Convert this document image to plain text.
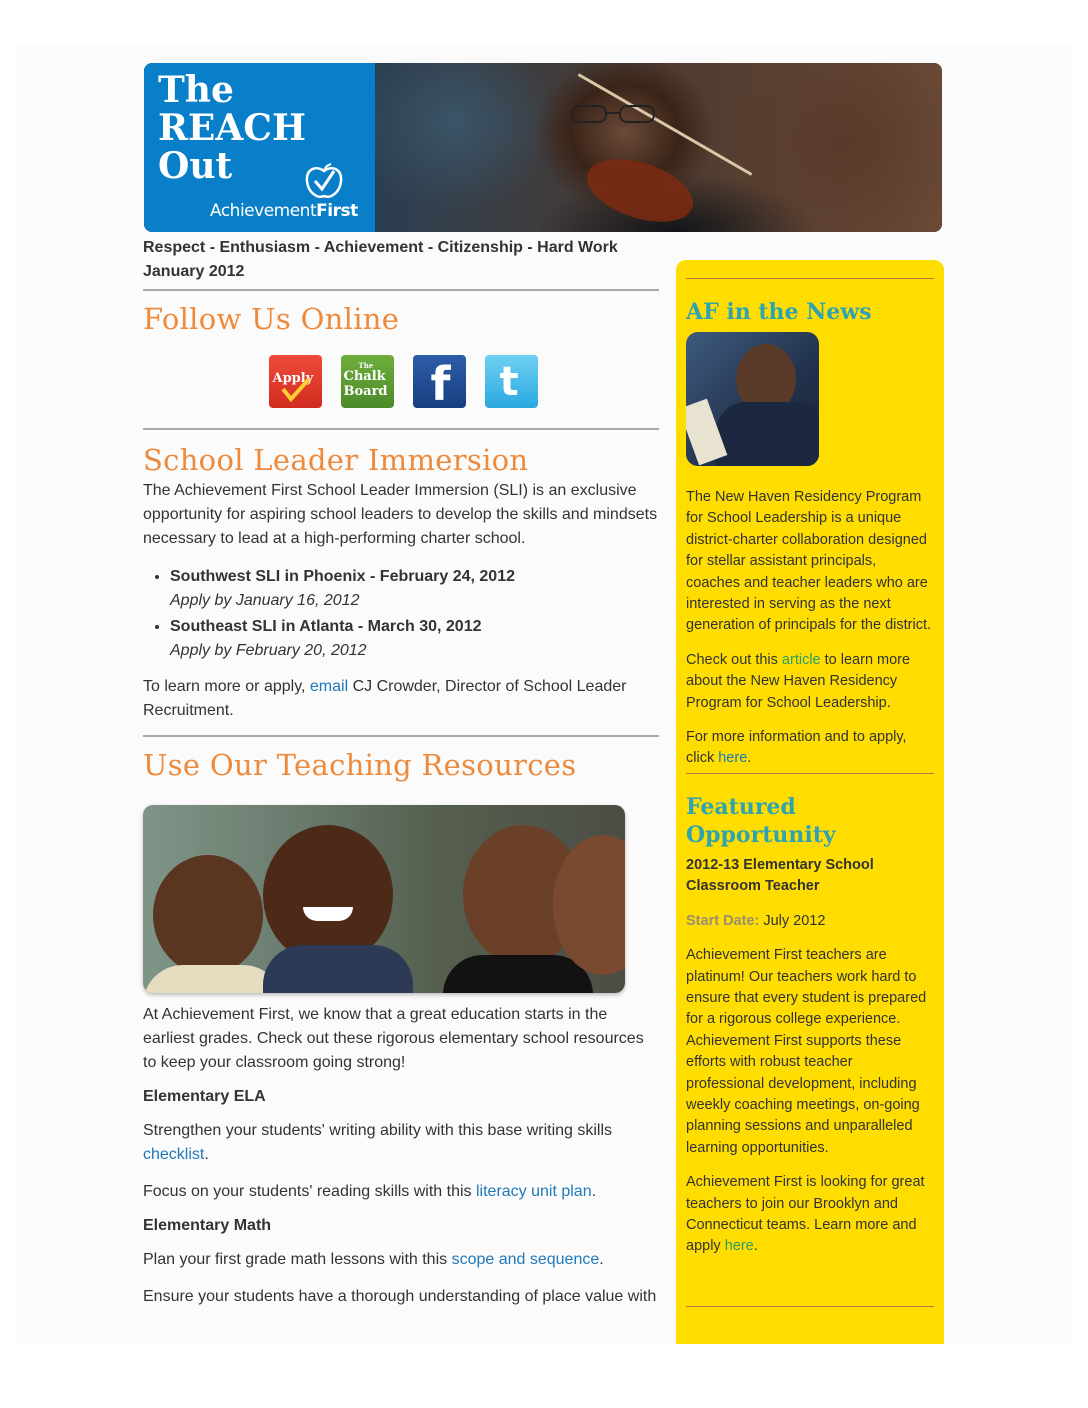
The
REACH
Out
AchievementFirst
Respect - Enthusiasm - Achievement - Citizenship - Hard Work
January 2012
Follow Us Online
Apply
The
Chalk
Board f t
School Leader Immersion

The Achievement First School Leader Immersion (SLI) is an exclusive opportunity for aspiring school leaders to develop the skills and mindsets necessary to lead at a high-performing charter school.

• Southwest SLI in Phoenix - February 24, 2012
Apply by January 16, 2012
• Southeast SLI in Atlanta - March 30, 2012
Apply by February 20, 2012

To learn more or apply, email CJ Crowder, Director of School Leader Recruitment.

Use Our Teaching Resources

At Achievement First, we know that a great education starts in the earliest grades. Check out these rigorous elementary school resources to keep your classroom going strong!

Elementary ELA

Strengthen your students' writing ability with this base writing skills checklist.

Focus on your students' reading skills with this literacy unit plan.

Elementary Math

Plan your first grade math lessons with this scope and sequence.

Ensure your students have a thorough understanding of place value with

AF in the News

The New Haven Residency Program for School Leadership is a unique district-charter collaboration designed for stellar assistant principals, coaches and teacher leaders who are interested in serving as the next generation of principals for the district.

Check out this article to learn more about the New Haven Residency Program for School Leadership.

For more information and to apply, click here.

Featured Opportunity

2012-13 Elementary School Classroom Teacher

Start Date: July 2012

Achievement First teachers are platinum! Our teachers work hard to ensure that every student is prepared for a rigorous college experience. Achievement First supports these efforts with robust teacher professional development, including weekly coaching meetings, on-going planning sessions and unparalleled learning opportunities.

Achievement First is looking for great teachers to join our Brooklyn and Connecticut teams. Learn more and apply here.
